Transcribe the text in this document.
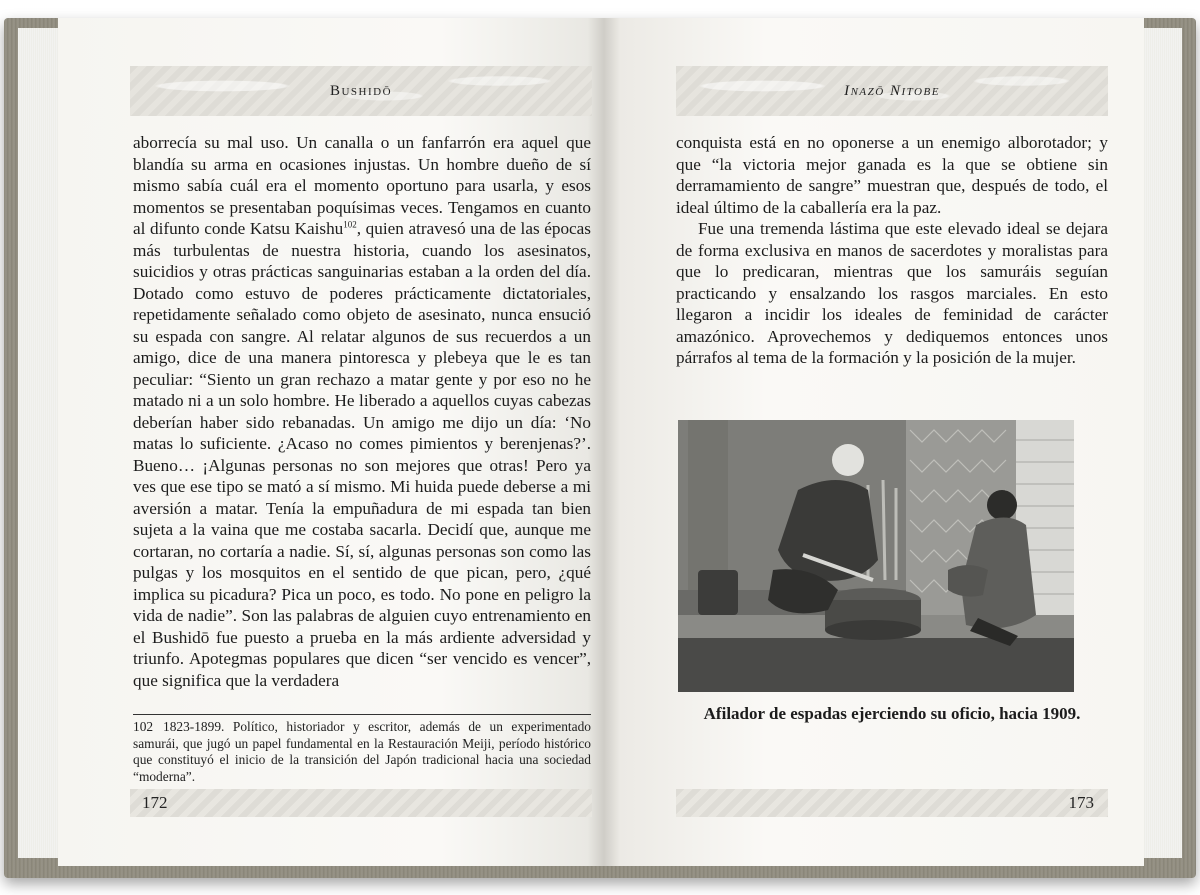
Bushidō

aborrecía su mal uso. Un canalla o un fanfarrón era aquel que blandía su arma en ocasiones injustas. Un hombre dueño de sí mismo sabía cuál era el momento oportuno para usarla, y esos momentos se presentaban poquísimas veces. Tengamos en cuanto al difunto conde Katsu Kaishu$^{102}$, quien atravesó una de las épocas más turbulentas de nuestra historia, cuando los asesinatos, suicidios y otras prácticas sanguinarias estaban a la orden del día. Dotado como estuvo de poderes prácticamente dictatoriales, repetidamente señalado como objeto de asesinato, nunca ensució su espada con sangre. Al relatar algunos de sus recuerdos a un amigo, dice de una manera pintoresca y plebeya que le es tan peculiar: “Siento un gran rechazo a matar gente y por eso no he matado ni a un solo hombre. He liberado a aquellos cuyas cabezas deberían haber sido rebanadas. Un amigo me dijo un día: ‘No matas lo suficiente. ¿Acaso no comes pimientos y berenjenas?’. Bueno… ¡Algunas personas no son mejores que otras! Pero ya ves que ese tipo se mató a sí mismo. Mi huida puede deberse a mi aversión a matar. Tenía la empuñadura de mi espada tan bien sujeta a la vaina que me costaba sacarla. Decidí que, aunque me cortaran, no cortaría a nadie. Sí, sí, algunas personas son como las pulgas y los mosquitos en el sentido de que pican, pero, ¿qué implica su picadura? Pica un poco, es todo. No pone en peligro la vida de nadie”. Son las palabras de alguien cuyo entrenamiento en el Bushidō fue puesto a prueba en la más ardiente adversidad y triunfo. Apotegmas populares que dicen “ser vencido es vencer”, que significa que la verdadera

102 1823-1899. Político, historiador y escritor, además de un experimentado samurái, que jugó un papel fundamental en la Restauración Meiji, período histórico que constituyó el inicio de la transición del Japón tradicional hacia una sociedad “moderna”.

172
Inazō Nitobe

conquista está en no oponerse a un enemigo alborotador; y que “la victoria mejor ganada es la que se obtiene sin derramamiento de sangre” muestran que, después de todo, el ideal último de la caballería era la paz.

Fue una tremenda lástima que este elevado ideal se dejara de forma exclusiva en manos de sacerdotes y moralistas para que lo predicaran, mientras que los samuráis seguían practicando y ensalzando los rasgos marciales. En esto llegaron a incidir los ideales de feminidad de carácter amazónico. Aprovechemos y dediquemos entonces unos párrafos al tema de la formación y la posición de la mujer.

Afilador de espadas ejerciendo su oficio, hacia 1909.

173
